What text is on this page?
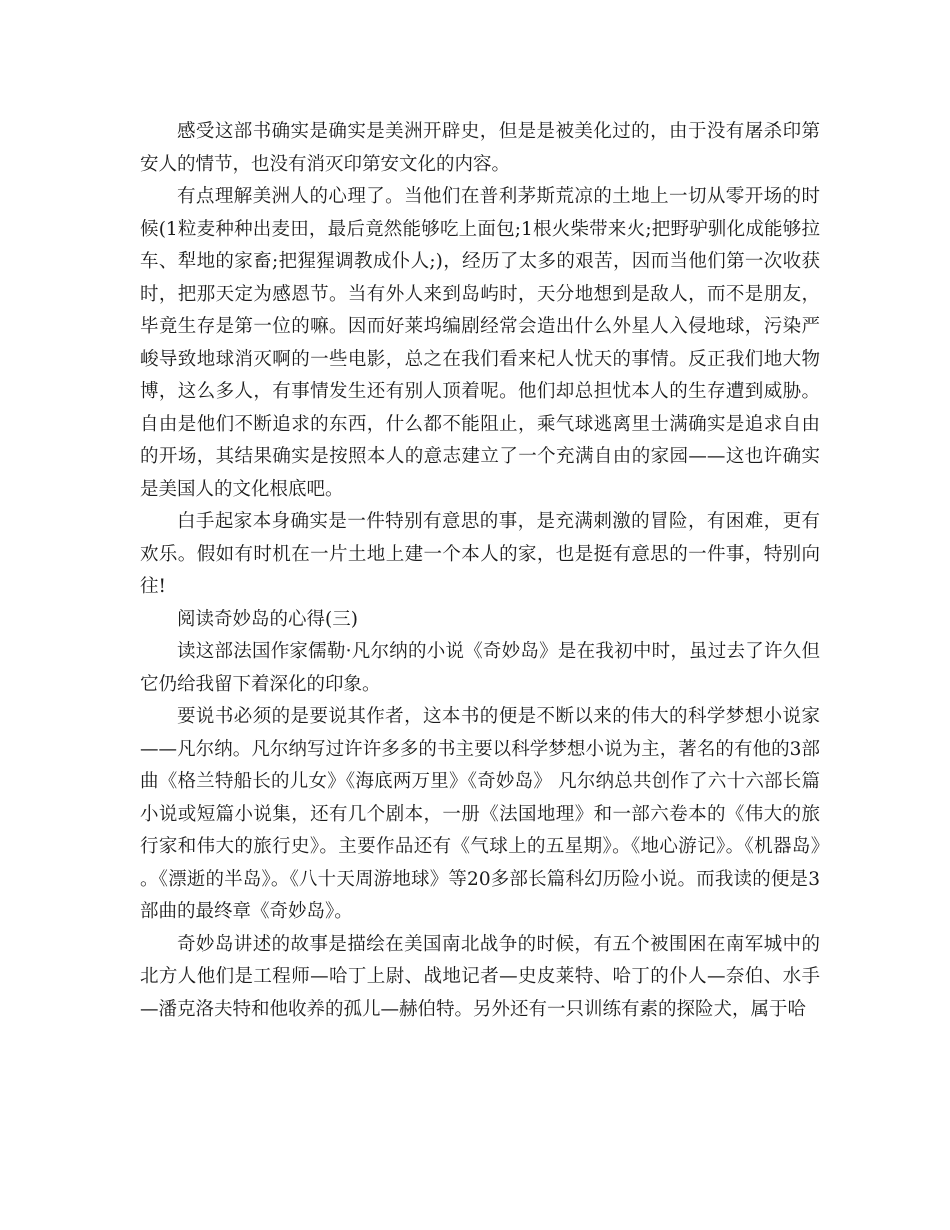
感受这部书确实是确实是美洲开辟史，但是是被美化过的，由于没有屠杀印第安人的情节，也没有消灭印第安文化的内容。

有点理解美洲人的心理了。当他们在普利茅斯荒凉的土地上一切从零开场的时候(1粒麦种种出麦田，最后竟然能够吃上面包;1根火柴带来火;把野驴驯化成能够拉车、犁地的家畜;把猩猩调教成仆人;)，经历了太多的艰苦，因而当他们第一次收获时，把那天定为感恩节。当有外人来到岛屿时，天分地想到是敌人，而不是朋友，毕竟生存是第一位的嘛。因而好莱坞编剧经常会造出什么外星人入侵地球，污染严峻导致地球消灭啊的一些电影，总之在我们看来杞人忧天的事情。反正我们地大物博，这么多人，有事情发生还有别人顶着呢。他们却总担忧本人的生存遭到威胁。自由是他们不断追求的东西，什么都不能阻止，乘气球逃离里士满确实是追求自由的开场，其结果确实是按照本人的意志建立了一个充满自由的家园——这也许确实是美国人的文化根底吧。

白手起家本身确实是一件特别有意思的事，是充满刺激的冒险，有困难，更有欢乐。假如有时机在一片土地上建一个本人的家，也是挺有意思的一件事，特别向往!

阅读奇妙岛的心得(三)

读这部法国作家儒勒·凡尔纳的小说《奇妙岛》是在我初中时，虽过去了许久但它仍给我留下着深化的印象。

要说书必须的是要说其作者，这本书的便是不断以来的伟大的科学梦想小说家——凡尔纳。凡尔纳写过许许多多的书主要以科学梦想小说为主，著名的有他的3部曲《格兰特船长的儿女》《海底两万里》《奇妙岛》 凡尔纳总共创作了六十六部长篇小说或短篇小说集，还有几个剧本，一册《法国地理》和一部六卷本的《伟大的旅行家和伟大的旅行史》。主要作品还有《气球上的五星期》。《地心游记》。《机器岛》。《漂逝的半岛》。《八十天周游地球》等20多部长篇科幻历险小说。而我读的便是3部曲的最终章《奇妙岛》。

奇妙岛讲述的故事是描绘在美国南北战争的时候，有五个被围困在南军城中的北方人他们是工程师—哈丁上尉、战地记者—史皮莱特、哈丁的仆人—奈伯、水手—潘克洛夫特和他收养的孤儿—赫伯特。另外还有一只训练有素的探险犬，属于哈
